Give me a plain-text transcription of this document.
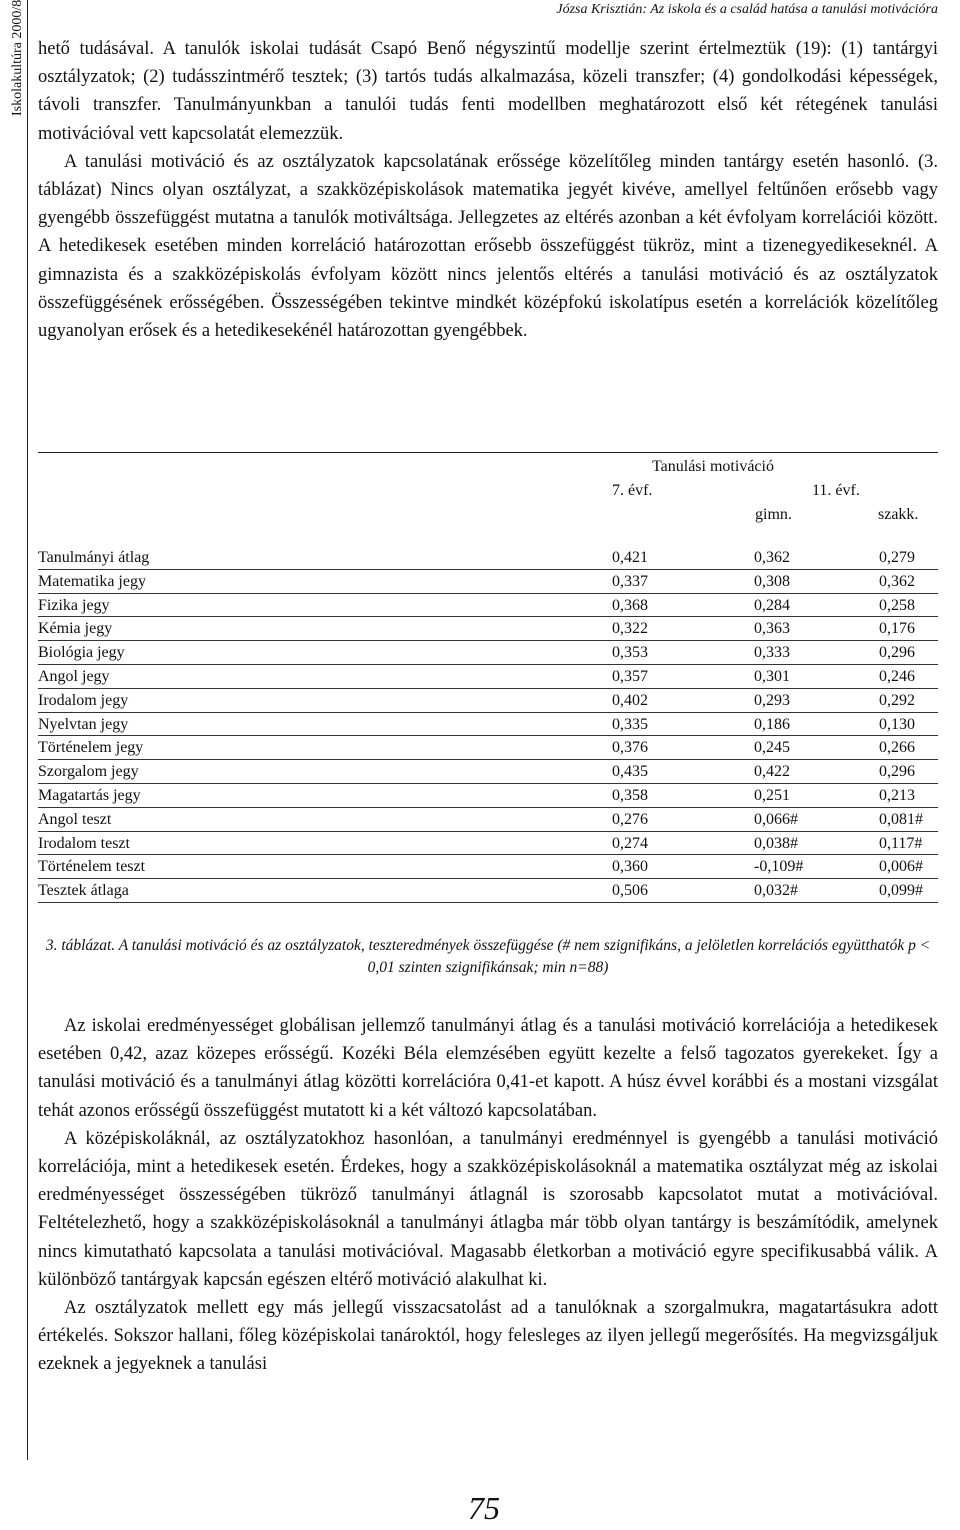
Iskolakultúra 2000/8	Józsa Krisztián: Az iskola és a család hatása a tanulási motivációra

hető tudásával. A tanulók iskolai tudását Csapó Benő négyszintű modellje szerint értelmeztük (19): (1) tantárgyi osztályzatok; (2) tudásszintmérő tesztek; (3) tartós tudás alkalmazása, közeli transzfer; (4) gondolkodási képességek, távoli transzfer. Tanulmányunkban a tanulói tudás fenti modellben meghatározott első két rétegének tanulási motivációval vett kapcsolatát elemezzük.

A tanulási motiváció és az osztályzatok kapcsolatának erőssége közelítőleg minden tantárgy esetén hasonló. (3. táblázat) Nincs olyan osztályzat, a szakközépiskolások matematika jegyét kivéve, amellyel feltűnően erősebb vagy gyengébb összefüggést mutatna a tanulók motiváltsága. Jellegzetes az eltérés azonban a két évfolyam korrelációi között. A hetedikesek esetében minden korreláció határozottan erősebb összefüggést tükröz, mint a tizenegyedikeseknél. A gimnazista és a szakközépiskolás évfolyam között nincs jelentős eltérés a tanulási motiváció és az osztályzatok összefüggésének erősségében. Összességében tekintve mindkét középfokú iskolatípus esetén a korrelációk közelítőleg ugyanolyan erősek és a hetedikesekénél határozottan gyengébbek.

Tanulási motiváció
7. évf.	11. évf.
gimn.	szakk.
Tanulmányi átlag	0,421	0,362	0,279
Matematika jegy	0,337	0,308	0,362
Fizika jegy	0,368	0,284	0,258
Kémia jegy	0,322	0,363	0,176
Biológia jegy	0,353	0,333	0,296
Angol jegy	0,357	0,301	0,246
Irodalom jegy	0,402	0,293	0,292
Nyelvtan jegy	0,335	0,186	0,130
Történelem jegy	0,376	0,245	0,266
Szorgalom jegy	0,435	0,422	0,296
Magatartás jegy	0,358	0,251	0,213
Angol teszt	0,276	0,066#	0,081#
Irodalom teszt	0,274	0,038#	0,117#
Történelem teszt	0,360	-0,109#	0,006#
Tesztek átlaga	0,506	0,032#	0,099#
3. táblázat. A tanulási motiváció és az osztályzatok, teszteredmények összefüggése (# nem szignifikáns, a jelöletlen korrelációs együtthatók p < 0,01 szinten szignifikánsak; min n=88)

Az iskolai eredményességet globálisan jellemző tanulmányi átlag és a tanulási motiváció korrelációja a hetedikesek esetében 0,42, azaz közepes erősségű. Kozéki Béla elemzésében együtt kezelte a felső tagozatos gyerekeket. Így a tanulási motiváció és a tanulmányi átlag közötti korrelációra 0,41-et kapott. A húsz évvel korábbi és a mostani vizsgálat tehát azonos erősségű összefüggést mutatott ki a két változó kapcsolatában.

A középiskoláknál, az osztályzatokhoz hasonlóan, a tanulmányi eredménnyel is gyengébb a tanulási motiváció korrelációja, mint a hetedikesek esetén. Érdekes, hogy a szakközépiskolásoknál a matematika osztályzat még az iskolai eredményességet összességében tükröző tanulmányi átlagnál is szorosabb kapcsolatot mutat a motivációval. Feltételezhető, hogy a szakközépiskolásoknál a tanulmányi átlagba már több olyan tantárgy is beszámítódik, amelynek nincs kimutatható kapcsolata a tanulási motivációval. Magasabb életkorban a motiváció egyre specifikusabbá válik. A különböző tantárgyak kapcsán egészen eltérő motiváció alakulhat ki.

Az osztályzatok mellett egy más jellegű visszacsatolást ad a tanulóknak a szorgalmukra, magatartásukra adott értékelés. Sokszor hallani, főleg középiskolai tanároktól, hogy felesleges az ilyen jellegű megerősítés. Ha megvizsgáljuk ezeknek a jegyeknek a tanulási

75
